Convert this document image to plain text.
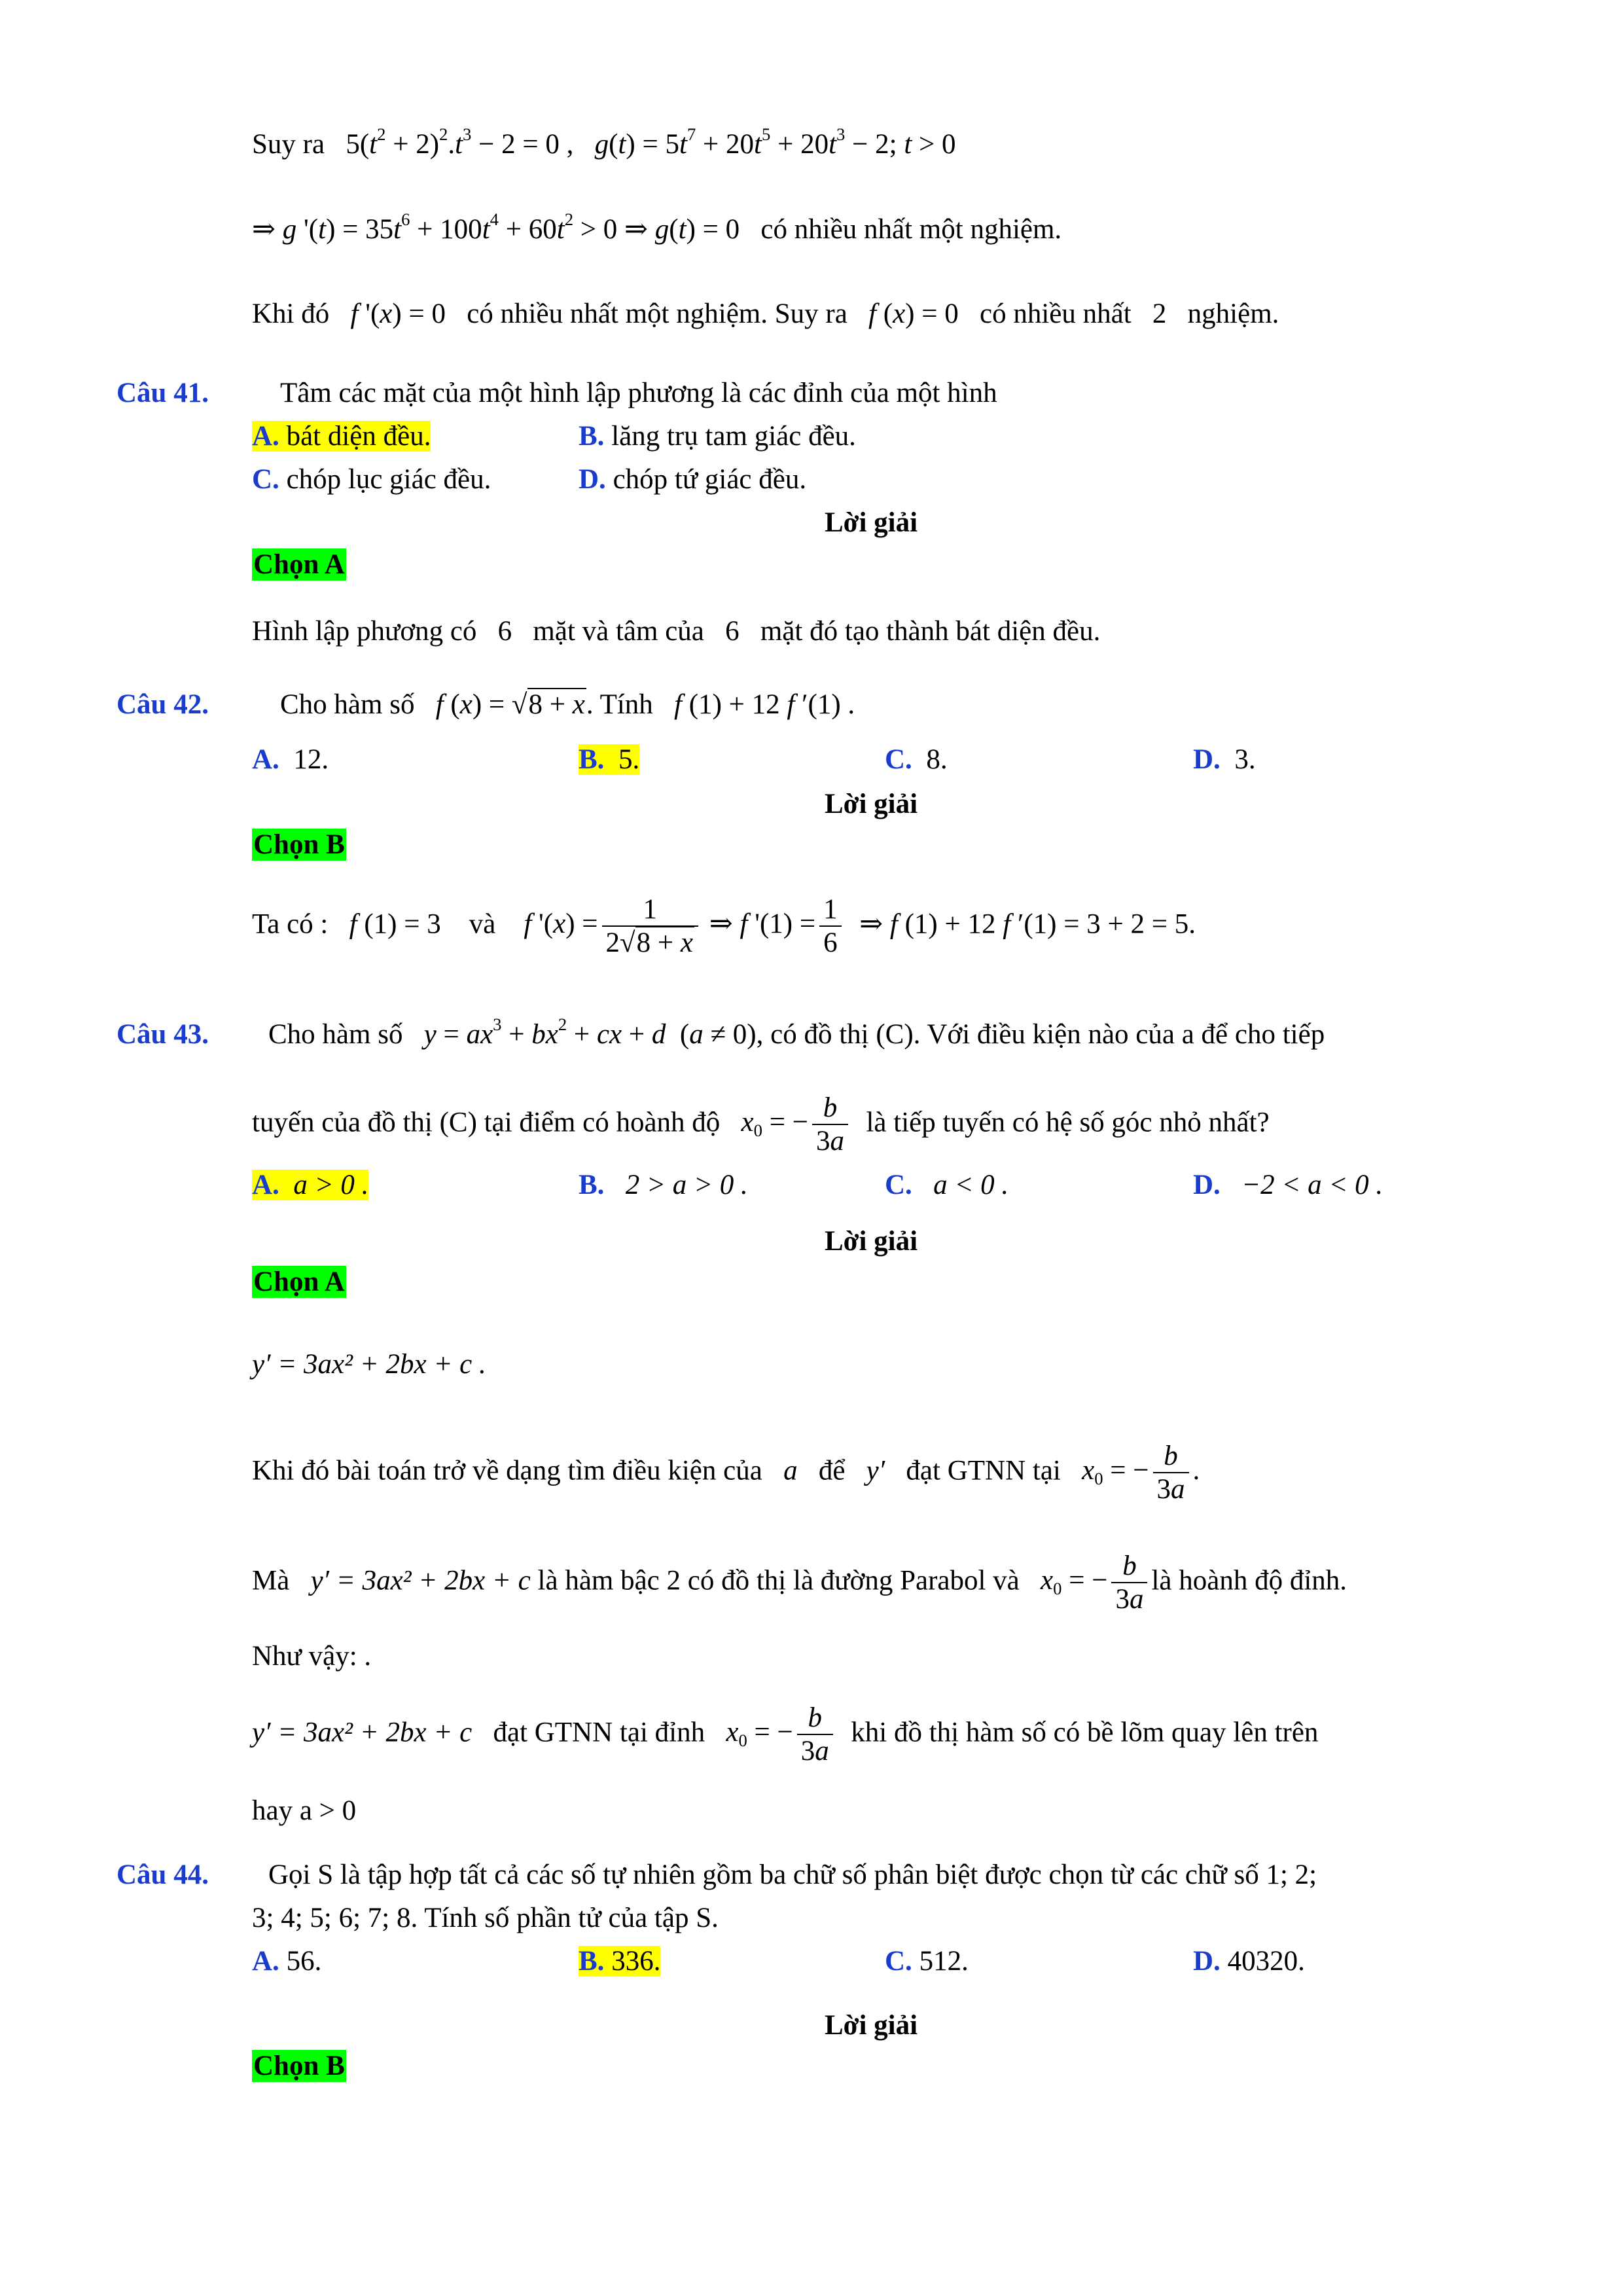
Suy ra $5(t^2 + 2)^2.t^3 - 2 = 0$ , $g(t) = 5t^7 + 20t^5 + 20t^3 - 2$; t > 0
⇒ g '$(t) = 35t^6 + 100t^4 + 60t^2 > 0$ ⇒ g(t) = 0 có nhiều nhất một nghiệm.
Khi đó f '(x) = 0 có nhiều nhất một nghiệm. Suy ra f (x) = 0 có nhiều nhất 2 nghiệm.
Câu 41.	Tâm các mặt của một hình lập phương là các đỉnh của một hình
A. bát diện đều.	B. lăng trụ tam giác đều.
C. chóp lục giác đều.	D. chóp tứ giác đều.
Lời giải
Chọn A
Hình lập phương có 6 mặt và tâm của 6 mặt đó tạo thành bát diện đều.
Câu 42.	Cho hàm số f (x) = √8 + x. Tính f (1) + 12 f ′(1) .
A. 12.	B. 5.	C. 8.	D. 3.
Lời giải
Chọn B
Ta có : f (1) = 3 và f '$(x) = \frac{1}{2√8 + x}$ ⇒ f '$(1) = \frac{1}{6}$ ⇒ f (1) + 12 f ′(1) = 3 + 2 = 5.
Câu 43. Cho hàm số $y = ax^3 + bx^2$ + cx + d  (a ≠ 0), có đồ thị (C). Với điều kiện nào của a để cho tiếp
tuyến của đồ thị (C) tại điểm có hoành độ $x_0$ = − $\frac{b}{3a}$ là tiếp tuyến có hệ số góc nhỏ nhất?
A. a > 0 .	B. 2 > a > 0 .	C. a < 0 .	D. −2 < a < 0 .
Lời giải
Chọn A
y′ = 3ax² + 2bx + c .
Khi đó bài toán trở về dạng tìm điều kiện của a để y′ đạt GTNN tại $x_0$ = − $\frac{b}{3a}$ .
Mà y′ = 3ax² + 2bx + c là hàm bậc 2 có đồ thị là đường Parabol và $x_0$ = − $\frac{b}{3a}$ là hoành độ đỉnh.
Như vậy: .
y′ = 3ax² + 2bx + c đạt GTNN tại đỉnh $x_0$ = − $\frac{b}{3a}$ khi đồ thị hàm số có bề lõm quay lên trên
hay a > 0
Câu 44. Gọi S là tập hợp tất cả các số tự nhiên gồm ba chữ số phân biệt được chọn từ các chữ số 1; 2;
3; 4; 5; 6; 7; 8. Tính số phần tử của tập S.
A. 56.	B. 336.	C. 512.	D. 40320.
Lời giải
Chọn B
